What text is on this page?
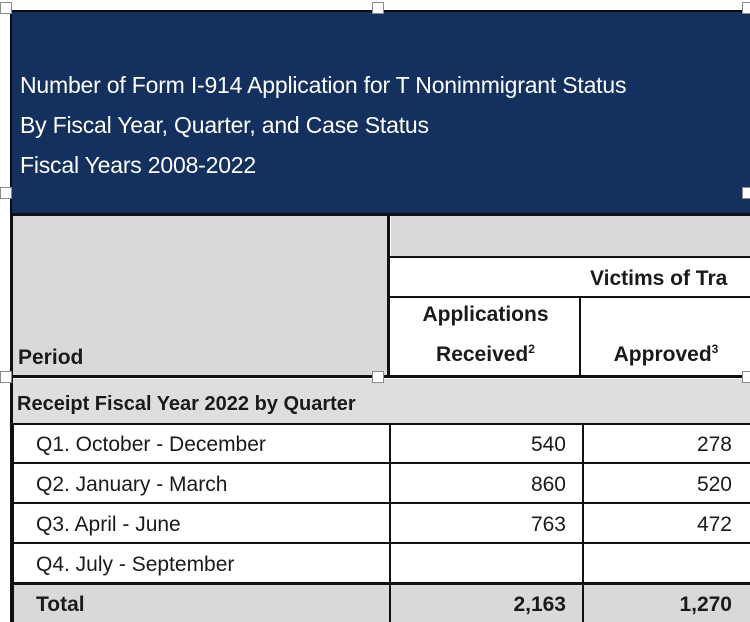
Number of Form I-914 Application for T Nonimmigrant Status
By Fiscal Year, Quarter, and Case Status
Fiscal Years 2008-2022
Victims of Tra
Period
Applications
Received$^2$	Approved$^3$
Receipt Fiscal Year 2022 by Quarter
Q1. October - December	540	278
Q2. January - March	860	520
Q3. April - June	763	472
Q4. July - September
Total	2,163	1,270
